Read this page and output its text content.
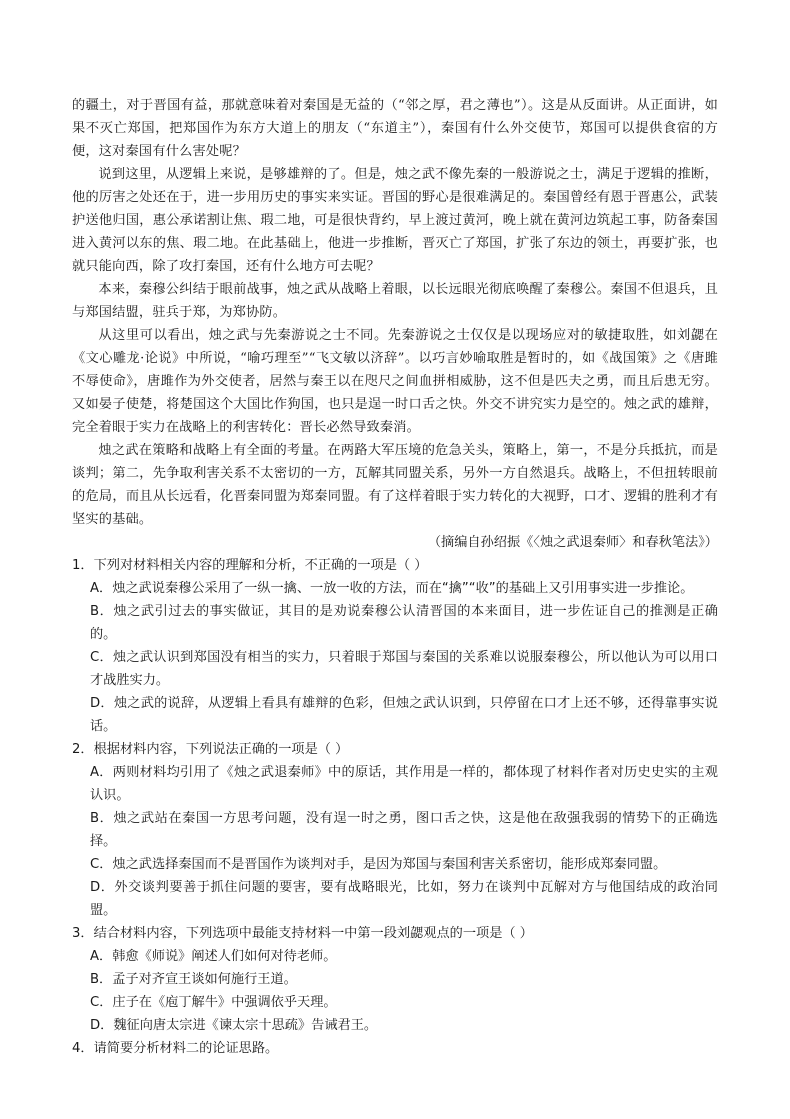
的疆土，对于晋国有益，那就意味着对秦国是无益的（“邻之厚，君之薄也”）。这是从反面讲。从正面讲，如果不灭亡郑国，把郑国作为东方大道上的朋友（“东道主”），秦国有什么外交使节，郑国可以提供食宿的方便，这对秦国有什么害处呢？

说到这里，从逻辑上来说，是够雄辩的了。但是，烛之武不像先秦的一般游说之士，满足于逻辑的推断，他的厉害之处还在于，进一步用历史的事实来实证。晋国的野心是很难满足的。秦国曾经有恩于晋惠公，武装护送他归国，惠公承诺割让焦、瑕二地，可是很快背约，早上渡过黄河，晚上就在黄河边筑起工事，防备秦国进入黄河以东的焦、瑕二地。在此基础上，他进一步推断，晋灭亡了郑国，扩张了东边的领土，再要扩张，也就只能向西，除了攻打秦国，还有什么地方可去呢？

本来，秦穆公纠结于眼前战事，烛之武从战略上着眼，以长远眼光彻底唤醒了秦穆公。秦国不但退兵，且与郑国结盟，驻兵于郑，为郑协防。

从这里可以看出，烛之武与先秦游说之士不同。先秦游说之士仅仅是以现场应对的敏捷取胜，如刘勰在《文心雕龙·论说》中所说，“喻巧理至”“飞文敏以济辞”。以巧言妙喻取胜是暂时的，如《战国策》之《唐雎不辱使命》，唐雎作为外交使者，居然与秦王以在咫尺之间血拼相威胁，这不但是匹夫之勇，而且后患无穷。又如晏子使楚，将楚国这个大国比作狗国，也只是逞一时口舌之快。外交不讲究实力是空的。烛之武的雄辩，完全着眼于实力在战略上的利害转化：晋长必然导致秦消。

烛之武在策略和战略上有全面的考量。在两路大军压境的危急关头，策略上，第一，不是分兵抵抗，而是谈判；第二，先争取利害关系不太密切的一方，瓦解其同盟关系，另外一方自然退兵。战略上，不但扭转眼前的危局，而且从长远看，化晋秦同盟为郑秦同盟。有了这样着眼于实力转化的大视野，口才、逻辑的胜利才有坚实的基础。

（摘编自孙绍振《〈烛之武退秦师〉和春秋笔法》）

1．下列对材料相关内容的理解和分析，不正确的一项是（ ）

A．烛之武说秦穆公采用了一纵一擒、一放一收的方法，而在“擒”“收”的基础上又引用事实进一步推论。

B．烛之武引过去的事实做证，其目的是劝说秦穆公认清晋国的本来面目，进一步佐证自己的推测是正确的。

C．烛之武认识到郑国没有相当的实力，只着眼于郑国与秦国的关系难以说服秦穆公，所以他认为可以用口才战胜实力。

D．烛之武的说辞，从逻辑上看具有雄辩的色彩，但烛之武认识到，只停留在口才上还不够，还得靠事实说话。

2．根据材料内容，下列说法正确的一项是（ ）

A．两则材料均引用了《烛之武退秦师》中的原话，其作用是一样的，都体现了材料作者对历史史实的主观认识。

B．烛之武站在秦国一方思考问题，没有逞一时之勇，图口舌之快，这是他在敌强我弱的情势下的正确选择。

C．烛之武选择秦国而不是晋国作为谈判对手，是因为郑国与秦国利害关系密切，能形成郑秦同盟。

D．外交谈判要善于抓住问题的要害，要有战略眼光，比如，努力在谈判中瓦解对方与他国结成的政治同盟。

3．结合材料内容，下列选项中最能支持材料一中第一段刘勰观点的一项是（ ）

A．韩愈《师说》阐述人们如何对待老师。

B．孟子对齐宣王谈如何施行王道。

C．庄子在《庖丁解牛》中强调依乎天理。

D．魏征向唐太宗进《谏太宗十思疏》告诫君王。

4．请简要分析材料二的论证思路。
